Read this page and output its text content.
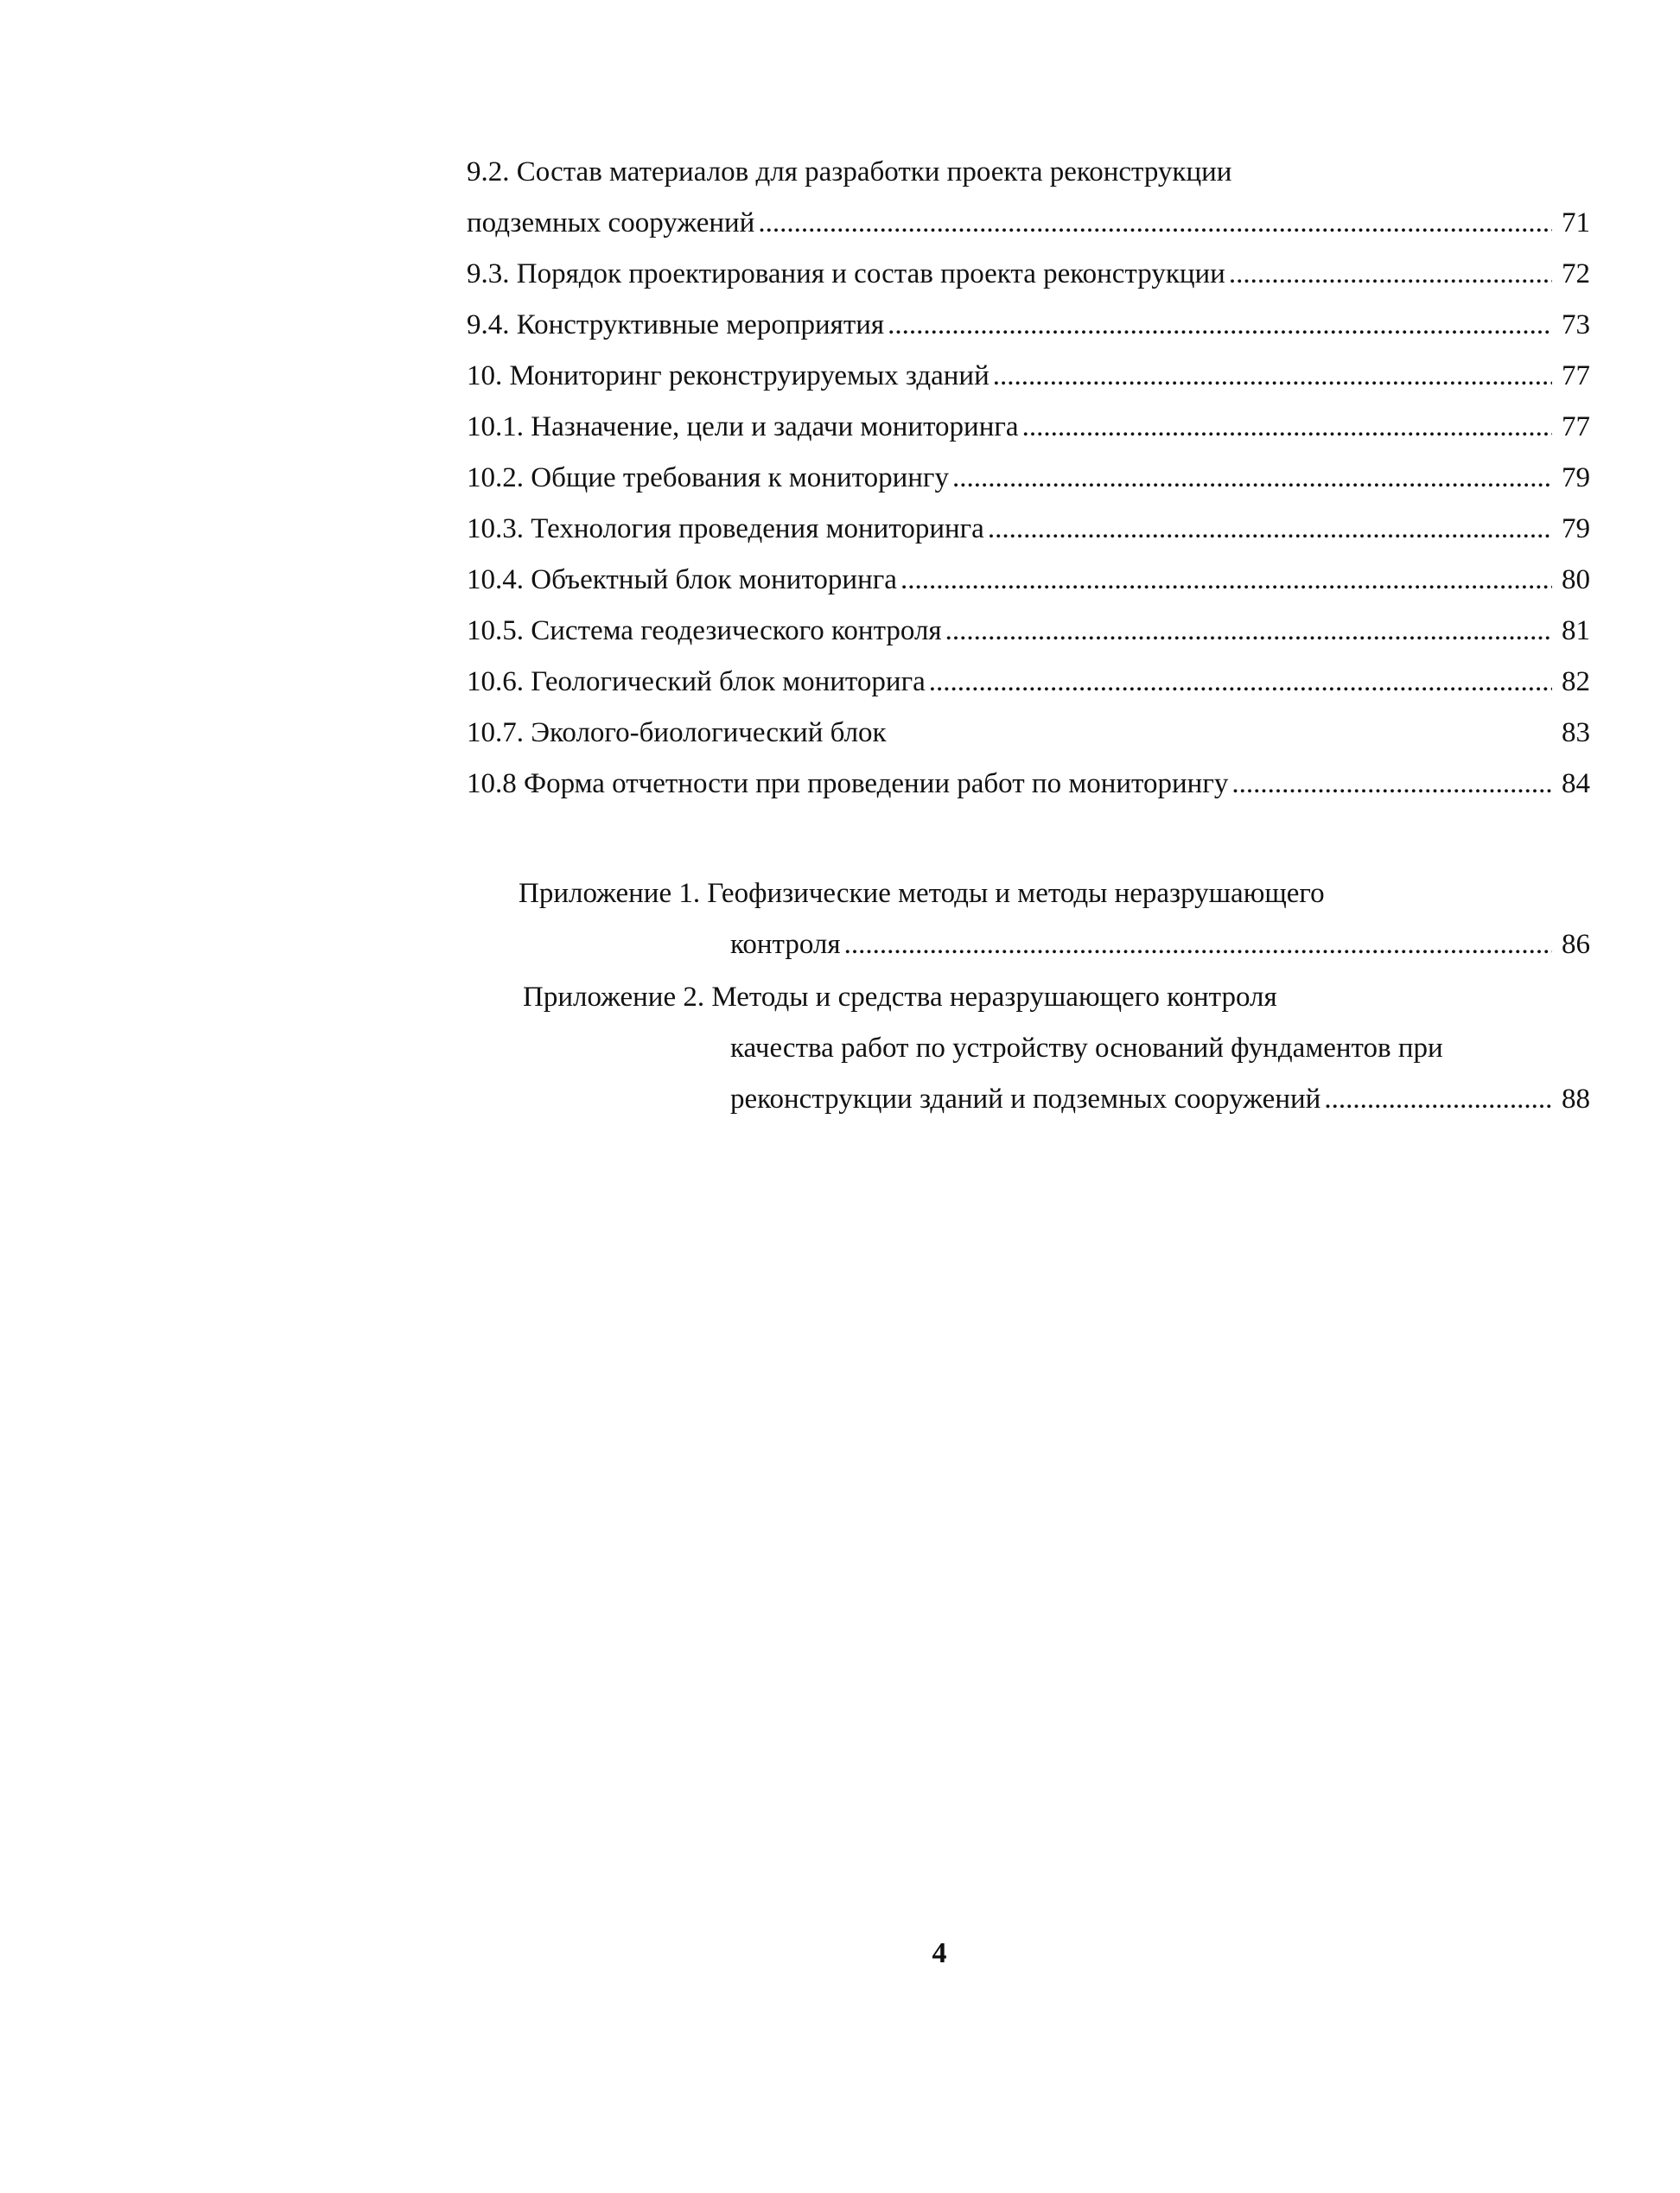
9.2. Состав материалов для разработки проекта реконструкции
подземных сооружений .....	71
9.3. Порядок проектирования и состав проекта реконструкции .....	72
9.4. Конструктивные мероприятия .....	73
10. Мониторинг реконструируемых зданий .....	77
10.1. Назначение, цели и задачи мониторинга .....	77
10.2. Общие требования к мониторингу .....	79
10.3. Технология проведения мониторинга .....	79
10.4. Объектный блок мониторинга .....	80
10.5. Система геодезического контроля .....	81
10.6. Геологический блок мониторига .....	82
10.7. Эколого-биологический блок	83
10.8 Форма отчетности при проведении работ по мониторингу .....	84
Приложение 1. Геофизические методы и методы неразрушающего
контроля .....	86
Приложение 2. Методы и средства неразрушающего контроля
качества работ по устройству оснований фундаментов при
реконструкции зданий и подземных сооружений .....	88
4
